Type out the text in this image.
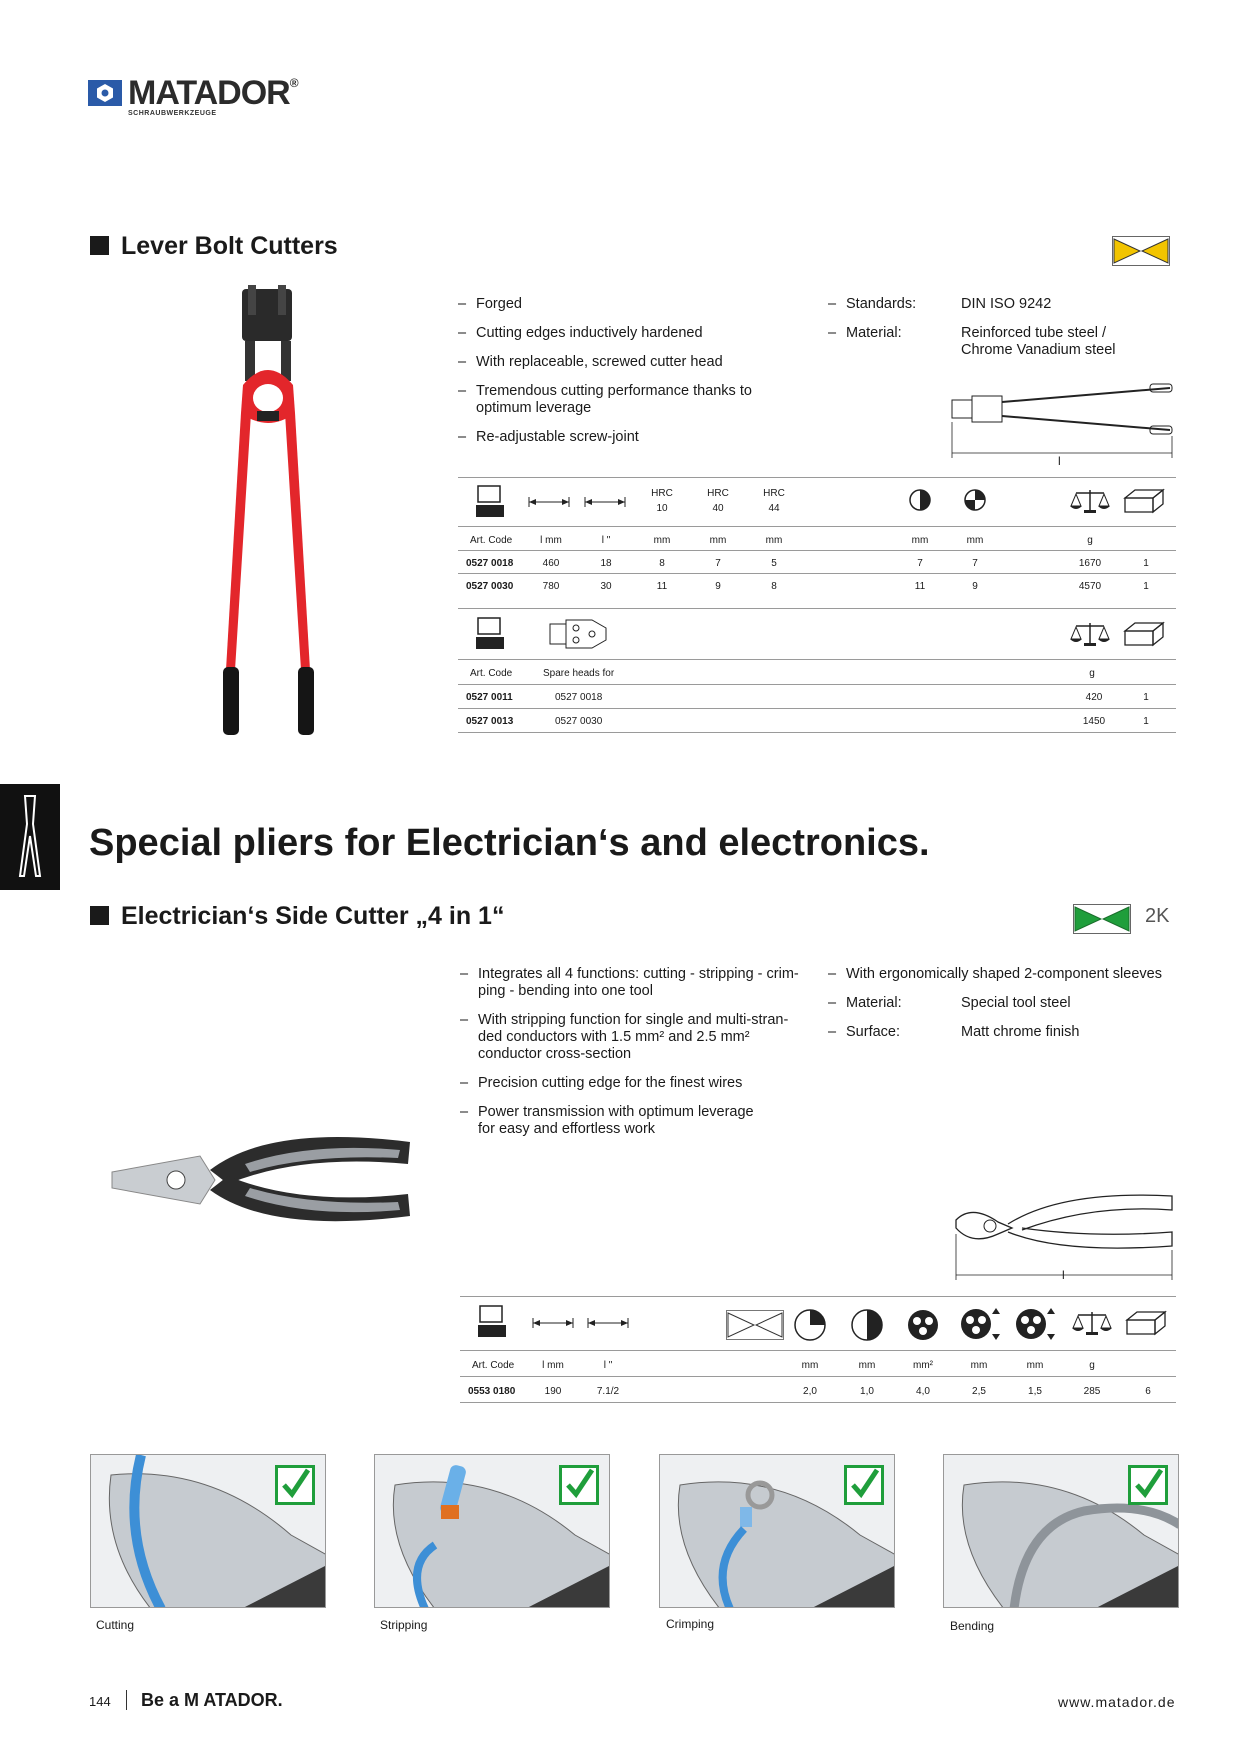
MATADOR®
SCHRAUBWERKZEUGE
Lever Bolt Cutters
– Forged
– Cutting edges inductively hardened
– With replaceable, screwed cutter head
– Tremendous cutting performance thanks to optimum leverage
– Re-adjustable screw-joint
– Standards:	DIN ISO 9242
– Material:	Reinforced tube steel /
Chrome Vanadium steel
l
HRC
10
HRC
40
HRC
44
Art. Code	l mm	l "	mm	mm	mm	mm	mm	g
0527 0018	460	18	8	7	5	7	7	1670	1
0527 0030	780	30	11	9	8	11	9	4570	1
Art. Code	Spare heads for	g
0527 0011	0527 0018	420	1
0527 0013	0527 0030	1450	1
Special pliers for Electrician‘s and electronics.
Electrician‘s Side Cutter „4 in 1“	2K
– Integrates all 4 functions: cutting - stripping - crim-
ping - bending into one tool
– With stripping function for single and multi-stran-
ded conductors with 1.5 mm² and 2.5 mm²
conductor cross-section
– Precision cutting edge for the finest wires
– Power transmission with optimum leverage
for easy and effortless work
– With ergonomically shaped 2-component sleeves
– Material:	Special tool steel
– Surface:	Matt chrome finish
l
Art. Code	l mm	l "	mm	mm	mm²	mm	mm	g
0553 0180	190	7.1/2	2,0	1,0	4,0	2,5	1,5	285	6
Cutting	Stripping	Crimping	Bending
144 Be a M ATADOR.	www.matador.de
